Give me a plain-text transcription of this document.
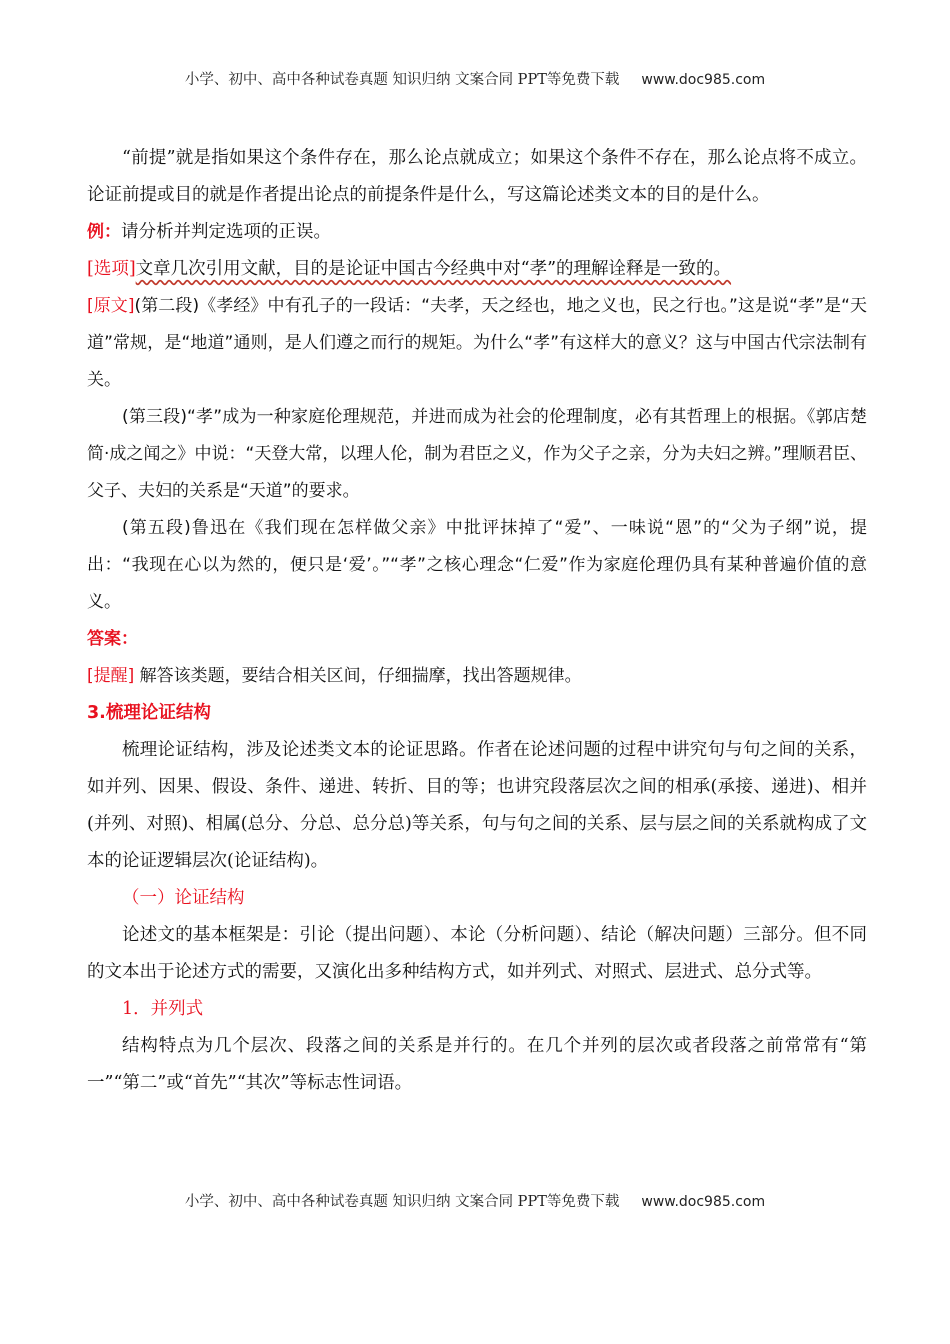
小学、初中、高中各种试卷真题 知识归纳 文案合同 PPT等免费下载 www.doc985.com

“前提”就是指如果这个条件存在，那么论点就成立；如果这个条件不存在，那么论点将不成立。论证前提或目的就是作者提出论点的前提条件是什么，写这篇论述类文本的目的是什么。

例：请分析并判定选项的正误。

[选项]文章几次引用文献，目的是论证中国古今经典中对“孝”的理解诠释是一致的。

[原文](第二段)《孝经》中有孔子的一段话：“夫孝，天之经也，地之义也，民之行也。”这是说“孝”是“天道”常规，是“地道”通则，是人们遵之而行的规矩。为什么“孝”有这样大的意义？这与中国古代宗法制有关。

(第三段)“孝”成为一种家庭伦理规范，并进而成为社会的伦理制度，必有其哲理上的根据。《郭店楚简·成之闻之》中说：“天登大常，以理人伦，制为君臣之义，作为父子之亲，分为夫妇之辨。”理顺君臣、父子、夫妇的关系是“天道”的要求。

(第五段)鲁迅在《我们现在怎样做父亲》中批评抹掉了“爱”、一味说“恩”的“父为子纲”说，提出：“我现在心以为然的，便只是‘爱’。”“孝”之核心理念“仁爱”作为家庭伦理仍具有某种普遍价值的意义。

答案：

[提醒] 解答该类题，要结合相关区间，仔细揣摩，找出答题规律。

3.梳理论证结构

梳理论证结构，涉及论述类文本的论证思路。作者在论述问题的过程中讲究句与句之间的关系，如并列、因果、假设、条件、递进、转折、目的等；也讲究段落层次之间的相承(承接、递进)、相并(并列、对照)、相属(总分、分总、总分总)等关系，句与句之间的关系、层与层之间的关系就构成了文本的论证逻辑层次(论证结构)。

（一）论证结构

论述文的基本框架是：引论（提出问题）、本论（分析问题）、结论（解决问题）三部分。但不同的文本出于论述方式的需要，又演化出多种结构方式，如并列式、对照式、层进式、总分式等。

1．并列式

结构特点为几个层次、段落之间的关系是并行的。在几个并列的层次或者段落之前常常有“第一”“第二”或“首先”“其次”等标志性词语。

小学、初中、高中各种试卷真题 知识归纳 文案合同 PPT等免费下载 www.doc985.com
